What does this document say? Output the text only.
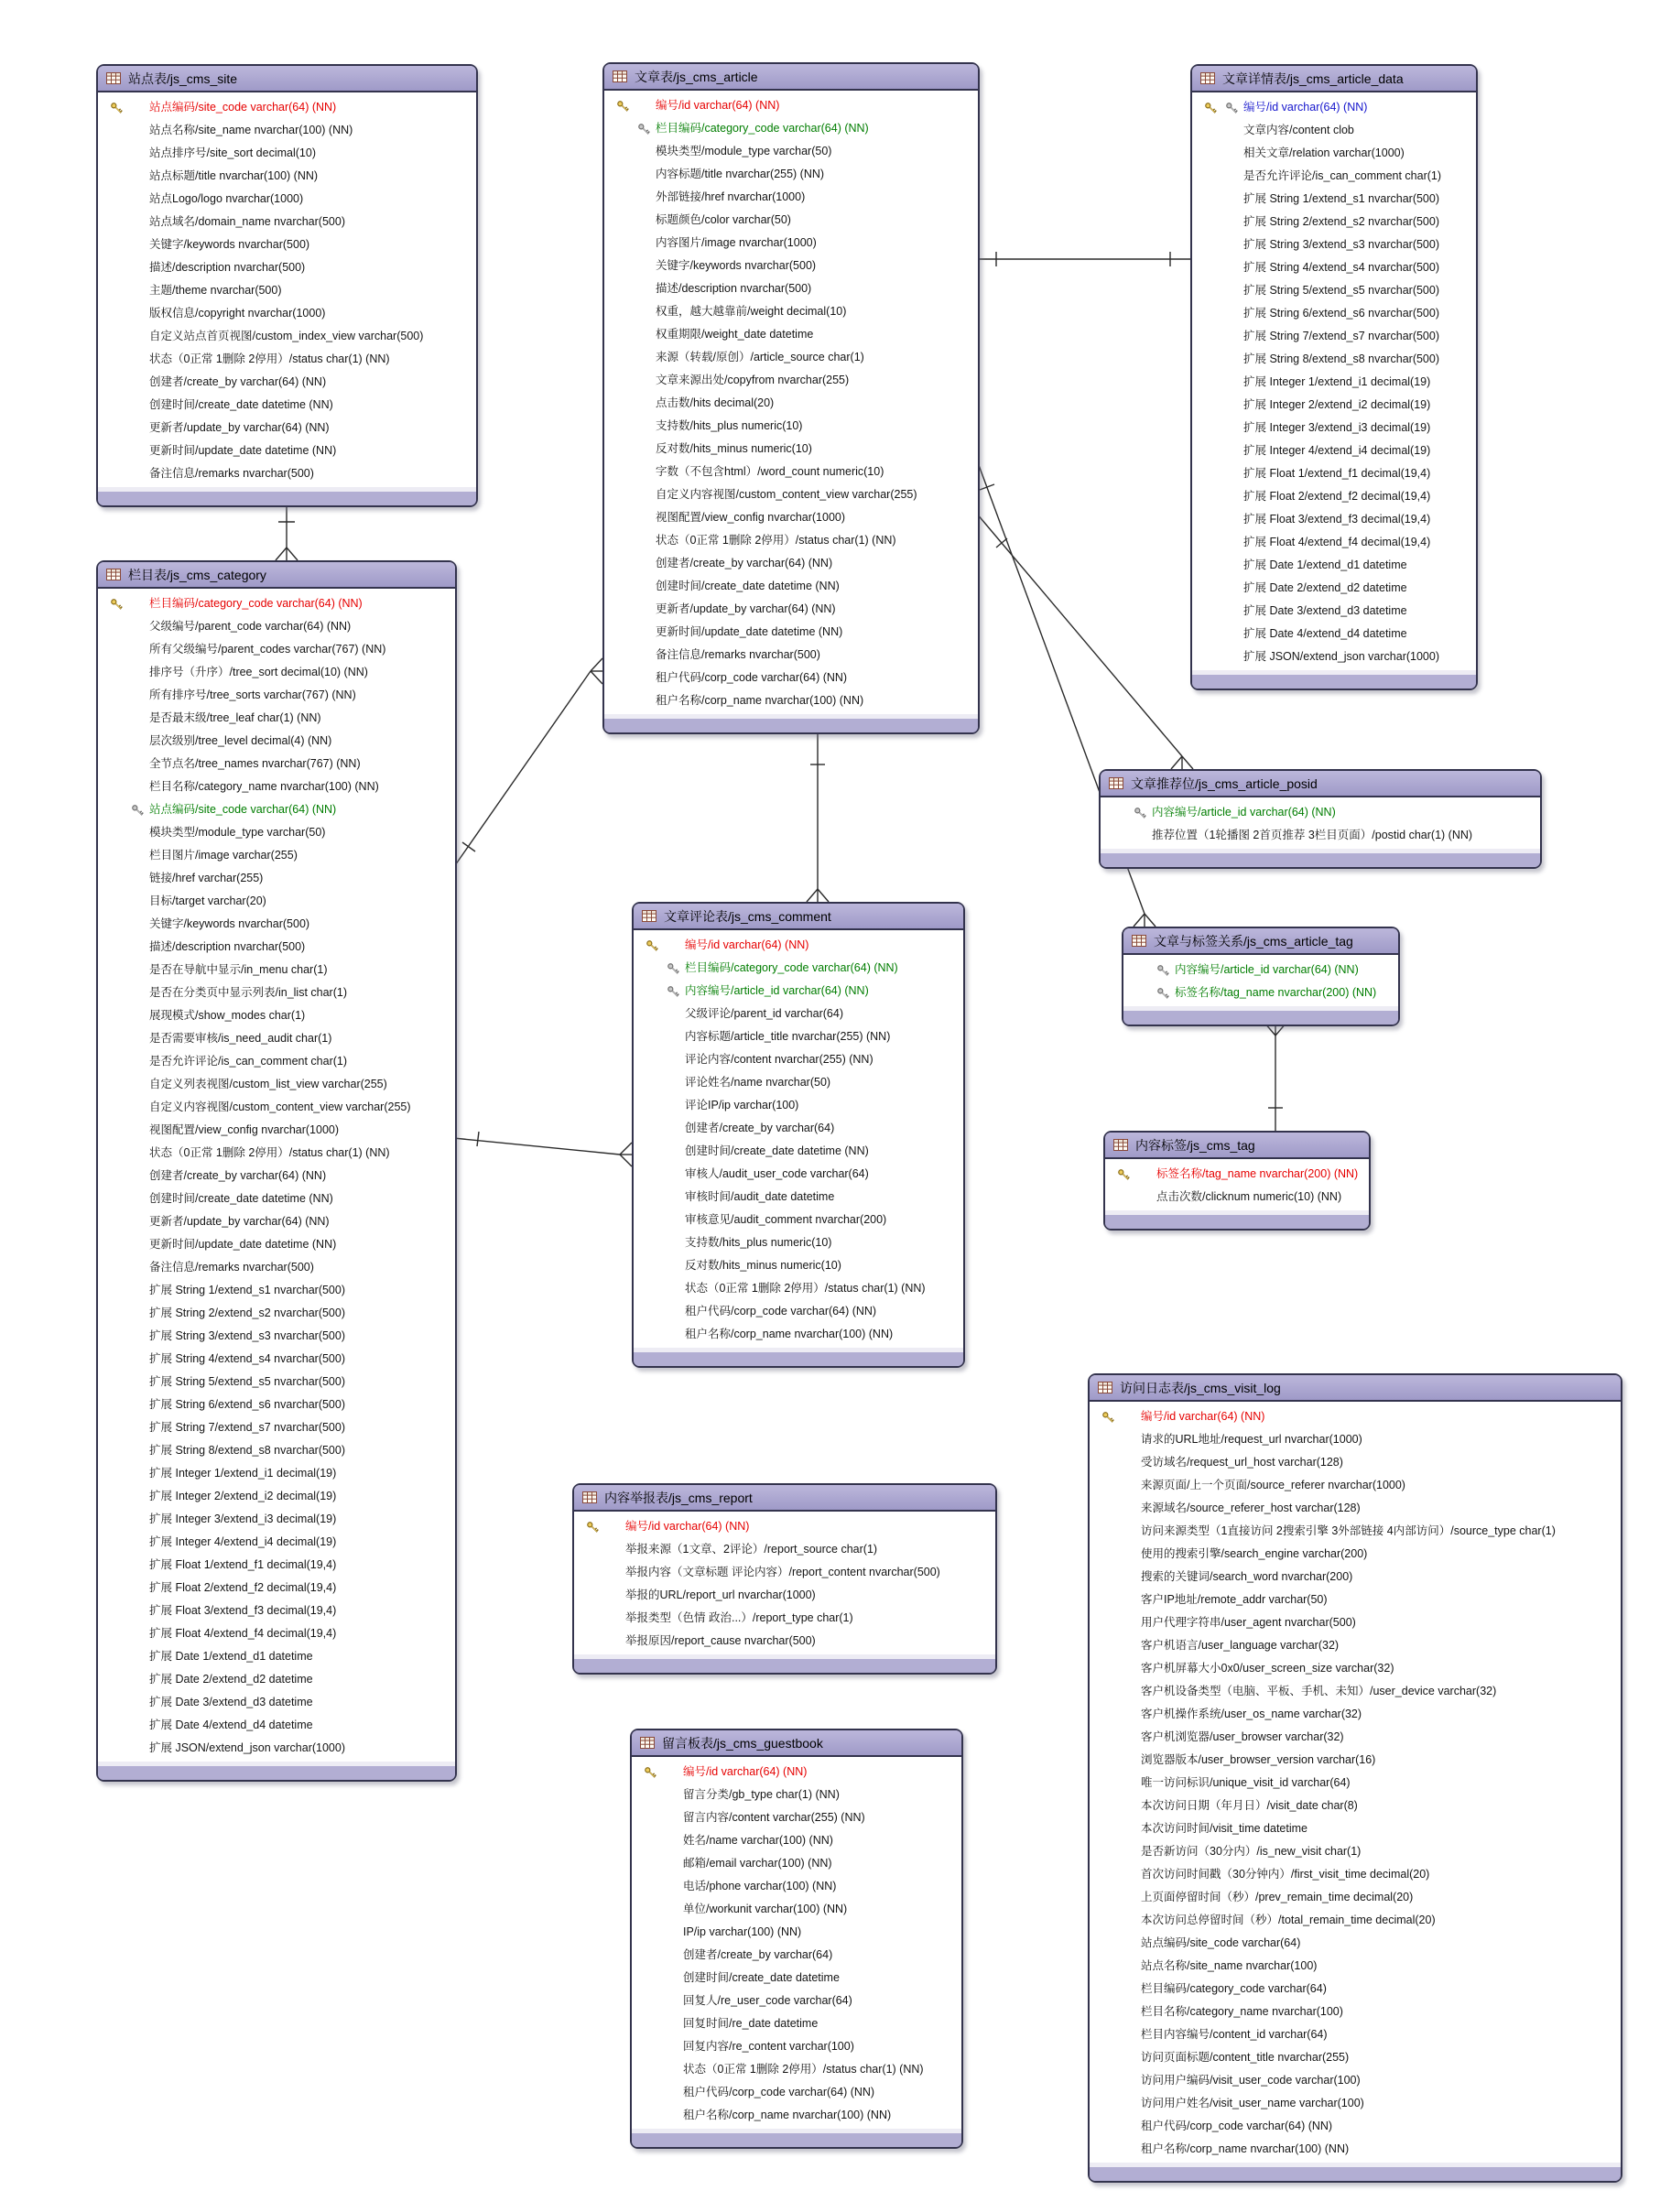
站点表/js_cms_site
站点编码/site_code varchar(64) (NN)
站点名称/site_name nvarchar(100) (NN)
站点排序号/site_sort decimal(10)
站点标题/title nvarchar(100) (NN)
站点Logo/logo nvarchar(1000)
站点域名/domain_name nvarchar(500)
关键字/keywords nvarchar(500)
描述/description nvarchar(500)
主题/theme nvarchar(500)
版权信息/copyright nvarchar(1000)
自定义站点首页视图/custom_index_view varchar(500)
状态（0正常 1删除 2停用）/status char(1) (NN)
创建者/create_by varchar(64) (NN)
创建时间/create_date datetime (NN)
更新者/update_by varchar(64) (NN)
更新时间/update_date datetime (NN)
备注信息/remarks nvarchar(500)
文章表/js_cms_article
编号/id varchar(64) (NN)
栏目编码/category_code varchar(64) (NN)
模块类型/module_type varchar(50)
内容标题/title nvarchar(255) (NN)
外部链接/href nvarchar(1000)
标题颜色/color varchar(50)
内容图片/image nvarchar(1000)
关键字/keywords nvarchar(500)
描述/description nvarchar(500)
权重，越大越靠前/weight decimal(10)
权重期限/weight_date datetime
来源（转载/原创）/article_source char(1)
文章来源出处/copyfrom nvarchar(255)
点击数/hits decimal(20)
支持数/hits_plus numeric(10)
反对数/hits_minus numeric(10)
字数（不包含html）/word_count numeric(10)
自定义内容视图/custom_content_view varchar(255)
视图配置/view_config nvarchar(1000)
状态（0正常 1删除 2停用）/status char(1) (NN)
创建者/create_by varchar(64) (NN)
创建时间/create_date datetime (NN)
更新者/update_by varchar(64) (NN)
更新时间/update_date datetime (NN)
备注信息/remarks nvarchar(500)
租户代码/corp_code varchar(64) (NN)
租户名称/corp_name nvarchar(100) (NN)
文章详情表/js_cms_article_data
编号/id varchar(64) (NN)
文章内容/content clob
相关文章/relation varchar(1000)
是否允许评论/is_can_comment char(1)
扩展 String 1/extend_s1 nvarchar(500)
扩展 String 2/extend_s2 nvarchar(500)
扩展 String 3/extend_s3 nvarchar(500)
扩展 String 4/extend_s4 nvarchar(500)
扩展 String 5/extend_s5 nvarchar(500)
扩展 String 6/extend_s6 nvarchar(500)
扩展 String 7/extend_s7 nvarchar(500)
扩展 String 8/extend_s8 nvarchar(500)
扩展 Integer 1/extend_i1 decimal(19)
扩展 Integer 2/extend_i2 decimal(19)
扩展 Integer 3/extend_i3 decimal(19)
扩展 Integer 4/extend_i4 decimal(19)
扩展 Float 1/extend_f1 decimal(19,4)
扩展 Float 2/extend_f2 decimal(19,4)
扩展 Float 3/extend_f3 decimal(19,4)
扩展 Float 4/extend_f4 decimal(19,4)
扩展 Date 1/extend_d1 datetime
扩展 Date 2/extend_d2 datetime
扩展 Date 3/extend_d3 datetime
扩展 Date 4/extend_d4 datetime
扩展 JSON/extend_json varchar(1000)
栏目表/js_cms_category
栏目编码/category_code varchar(64) (NN)
父级编号/parent_code varchar(64) (NN)
所有父级编号/parent_codes varchar(767) (NN)
排序号（升序）/tree_sort decimal(10) (NN)
所有排序号/tree_sorts varchar(767) (NN)
是否最末级/tree_leaf char(1) (NN)
层次级别/tree_level decimal(4) (NN)
全节点名/tree_names nvarchar(767) (NN)
栏目名称/category_name nvarchar(100) (NN)
站点编码/site_code varchar(64) (NN)
模块类型/module_type varchar(50)
栏目图片/image varchar(255)
链接/href varchar(255)
目标/target varchar(20)
关键字/keywords nvarchar(500)
描述/description nvarchar(500)
是否在导航中显示/in_menu char(1)
是否在分类页中显示列表/in_list char(1)
展现模式/show_modes char(1)
是否需要审核/is_need_audit char(1)
是否允许评论/is_can_comment char(1)
自定义列表视图/custom_list_view varchar(255)
自定义内容视图/custom_content_view varchar(255)
视图配置/view_config nvarchar(1000)
状态（0正常 1删除 2停用）/status char(1) (NN)
创建者/create_by varchar(64) (NN)
创建时间/create_date datetime (NN)
更新者/update_by varchar(64) (NN)
更新时间/update_date datetime (NN)
备注信息/remarks nvarchar(500)
扩展 String 1/extend_s1 nvarchar(500)
扩展 String 2/extend_s2 nvarchar(500)
扩展 String 3/extend_s3 nvarchar(500)
扩展 String 4/extend_s4 nvarchar(500)
扩展 String 5/extend_s5 nvarchar(500)
扩展 String 6/extend_s6 nvarchar(500)
扩展 String 7/extend_s7 nvarchar(500)
扩展 String 8/extend_s8 nvarchar(500)
扩展 Integer 1/extend_i1 decimal(19)
扩展 Integer 2/extend_i2 decimal(19)
扩展 Integer 3/extend_i3 decimal(19)
扩展 Integer 4/extend_i4 decimal(19)
扩展 Float 1/extend_f1 decimal(19,4)
扩展 Float 2/extend_f2 decimal(19,4)
扩展 Float 3/extend_f3 decimal(19,4)
扩展 Float 4/extend_f4 decimal(19,4)
扩展 Date 1/extend_d1 datetime
扩展 Date 2/extend_d2 datetime
扩展 Date 3/extend_d3 datetime
扩展 Date 4/extend_d4 datetime
扩展 JSON/extend_json varchar(1000)
文章推荐位/js_cms_article_posid
内容编号/article_id varchar(64) (NN)
推荐位置（1轮播图 2首页推荐 3栏目页面）/postid char(1) (NN)
文章与标签关系/js_cms_article_tag
内容编号/article_id varchar(64) (NN)
标签名称/tag_name nvarchar(200) (NN)
内容标签/js_cms_tag
标签名称/tag_name nvarchar(200) (NN)
点击次数/clicknum numeric(10) (NN)
文章评论表/js_cms_comment
编号/id varchar(64) (NN)
栏目编码/category_code varchar(64) (NN)
内容编号/article_id varchar(64) (NN)
父级评论/parent_id varchar(64)
内容标题/article_title nvarchar(255) (NN)
评论内容/content nvarchar(255) (NN)
评论姓名/name nvarchar(50)
评论IP/ip varchar(100)
创建者/create_by varchar(64)
创建时间/create_date datetime (NN)
审核人/audit_user_code varchar(64)
审核时间/audit_date datetime
审核意见/audit_comment nvarchar(200)
支持数/hits_plus numeric(10)
反对数/hits_minus numeric(10)
状态（0正常 1删除 2停用）/status char(1) (NN)
租户代码/corp_code varchar(64) (NN)
租户名称/corp_name nvarchar(100) (NN)
内容举报表/js_cms_report
编号/id varchar(64) (NN)
举报来源（1文章、2评论）/report_source char(1)
举报内容（文章标题 评论内容）/report_content nvarchar(500)
举报的URL/report_url nvarchar(1000)
举报类型（色情 政治...）/report_type char(1)
举报原因/report_cause nvarchar(500)
留言板表/js_cms_guestbook
编号/id varchar(64) (NN)
留言分类/gb_type char(1) (NN)
留言内容/content varchar(255) (NN)
姓名/name varchar(100) (NN)
邮箱/email varchar(100) (NN)
电话/phone varchar(100) (NN)
单位/workunit varchar(100) (NN)
IP/ip varchar(100) (NN)
创建者/create_by varchar(64)
创建时间/create_date datetime
回复人/re_user_code varchar(64)
回复时间/re_date datetime
回复内容/re_content varchar(100)
状态（0正常 1删除 2停用）/status char(1) (NN)
租户代码/corp_code varchar(64) (NN)
租户名称/corp_name nvarchar(100) (NN)
访问日志表/js_cms_visit_log
编号/id varchar(64) (NN)
请求的URL地址/request_url nvarchar(1000)
受访域名/request_url_host varchar(128)
来源页面/上一个页面/source_referer nvarchar(1000)
来源域名/source_referer_host varchar(128)
访问来源类型（1直接访问 2搜索引擎 3外部链接 4内部访问）/source_type char(1)
使用的搜索引擎/search_engine varchar(200)
搜索的关键词/search_word nvarchar(200)
客户IP地址/remote_addr varchar(50)
用户代理字符串/user_agent nvarchar(500)
客户机语言/user_language varchar(32)
客户机屏幕大小0x0/user_screen_size varchar(32)
客户机设备类型（电脑、平板、手机、未知）/user_device varchar(32)
客户机操作系统/user_os_name varchar(32)
客户机浏览器/user_browser varchar(32)
浏览器版本/user_browser_version varchar(16)
唯一访问标识/unique_visit_id varchar(64)
本次访问日期（年月日）/visit_date char(8)
本次访问时间/visit_time datetime
是否新访问（30分内）/is_new_visit char(1)
首次访问时间戳（30分钟内）/first_visit_time decimal(20)
上页面停留时间（秒）/prev_remain_time decimal(20)
本次访问总停留时间（秒）/total_remain_time decimal(20)
站点编码/site_code varchar(64)
站点名称/site_name nvarchar(100)
栏目编码/category_code varchar(64)
栏目名称/category_name nvarchar(100)
栏目内容编号/content_id varchar(64)
访问页面标题/content_title nvarchar(255)
访问用户编码/visit_user_code varchar(100)
访问用户姓名/visit_user_name varchar(100)
租户代码/corp_code varchar(64) (NN)
租户名称/corp_name nvarchar(100) (NN)
